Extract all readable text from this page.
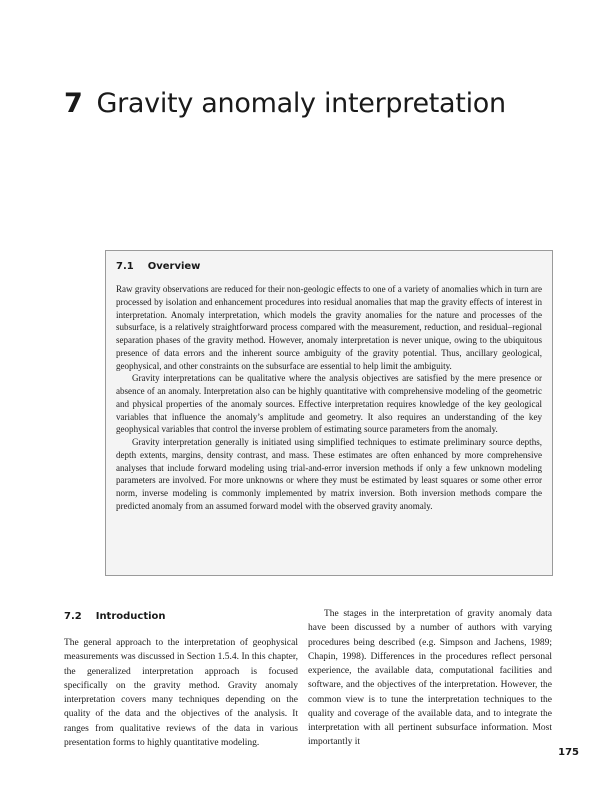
7 Gravity anomaly interpretation
7.1 Overview

Raw gravity observations are reduced for their non-geologic effects to one of a variety of anomalies which in turn are processed by isolation and enhancement procedures into residual anomalies that map the gravity effects of interest in interpretation. Anomaly interpretation, which models the gravity anomalies for the nature and processes of the subsurface, is a relatively straightforward process compared with the measurement, reduction, and residual–regional separation phases of the gravity method. However, anomaly interpretation is never unique, owing to the ubiquitous presence of data errors and the inherent source ambiguity of the gravity potential. Thus, ancillary geological, geophysical, and other constraints on the subsurface are essential to help limit the ambiguity.

Gravity interpretations can be qualitative where the analysis objectives are satisfied by the mere presence or absence of an anomaly. Interpretation also can be highly quantitative with comprehensive modeling of the geometric and physical properties of the anomaly sources. Effective interpretation requires knowledge of the key geological variables that influence the anomaly’s amplitude and geometry. It also requires an understanding of the key geophysical variables that control the inverse problem of estimating source parameters from the anomaly.

Gravity interpretation generally is initiated using simplified techniques to estimate preliminary source depths, depth extents, margins, density contrast, and mass. These estimates are often enhanced by more comprehensive analyses that include forward modeling using trial-and-error inversion methods if only a few unknown modeling parameters are involved. For more unknowns or where they must be estimated by least squares or some other error norm, inverse modeling is commonly implemented by matrix inversion. Both inversion methods compare the predicted anomaly from an assumed forward model with the observed gravity anomaly.

7.2 Introduction

The general approach to the interpretation of geophysical measurements was discussed in Section 1.5.4. In this chapter, the generalized interpretation approach is focused specifically on the gravity method. Gravity anomaly interpretation covers many techniques depending on the quality of the data and the objectives of the analysis. It ranges from qualitative reviews of the data in various presentation forms to highly quantitative modeling.

The stages in the interpretation of gravity anomaly data have been discussed by a number of authors with varying procedures being described (e.g. Simpson and Jachens, 1989; Chapin, 1998). Differences in the procedures reflect personal experience, the available data, computational facilities and software, and the objectives of the interpretation. However, the common view is to tune the interpretation techniques to the quality and coverage of the available data, and to integrate the interpretation with all pertinent subsurface information. Most importantly it

175
